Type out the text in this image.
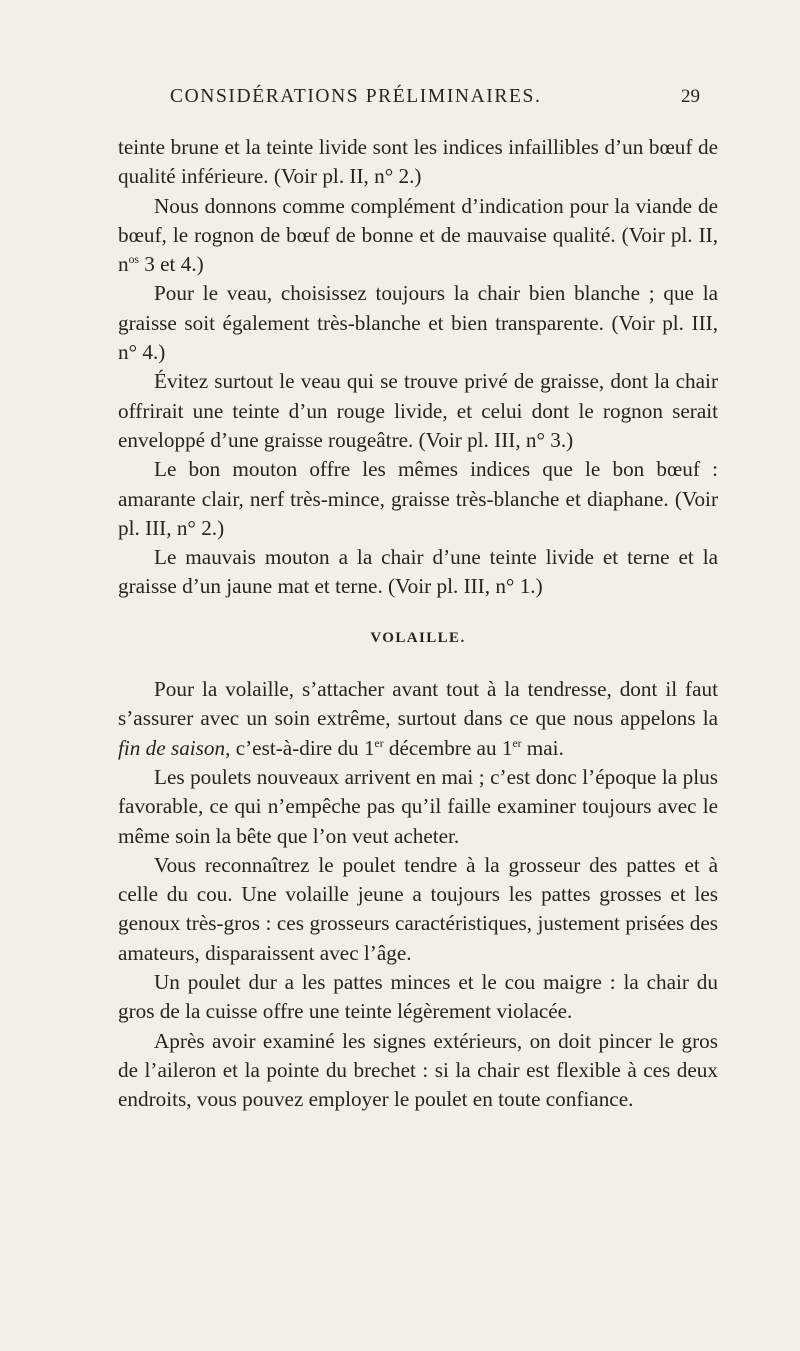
CONSIDÉRATIONS PRÉLIMINAIRES.	29

teinte brune et la teinte livide sont les indices infaillibles d’un bœuf de qualité inférieure. (Voir pl. II, n° 2.)

Nous donnons comme complément d’indication pour la viande de bœuf, le rognon de bœuf de bonne et de mauvaise qualité. (Voir pl. II, $n^{os}$ 3 et 4.)

Pour le veau, choisissez toujours la chair bien blanche ; que la graisse soit également très-blanche et bien transparente. (Voir pl. III, n° 4.)

Évitez surtout le veau qui se trouve privé de graisse, dont la chair offrirait une teinte d’un rouge livide, et celui dont le rognon serait enveloppé d’une graisse rougeâtre. (Voir pl. III, n° 3.)

Le bon mouton offre les mêmes indices que le bon bœuf : amarante clair, nerf très-mince, graisse très-blanche et diaphane. (Voir pl. III, n° 2.)

Le mauvais mouton a la chair d’une teinte livide et terne et la graisse d’un jaune mat et terne. (Voir pl. III, n° 1.)

VOLAILLE.

Pour la volaille, s’attacher avant tout à la tendresse, dont il faut s’assurer avec un soin extrême, surtout dans ce que nous appelons la fin de saison, c’est-à-dire du 1er décembre au 1er mai.

Les poulets nouveaux arrivent en mai ; c’est donc l’époque la plus favorable, ce qui n’empêche pas qu’il faille examiner toujours avec le même soin la bête que l’on veut acheter.

Vous reconnaîtrez le poulet tendre à la grosseur des pattes et à celle du cou. Une volaille jeune a toujours les pattes grosses et les genoux très-gros : ces grosseurs caractéristiques, justement prisées des amateurs, disparaissent avec l’âge.

Un poulet dur a les pattes minces et le cou maigre : la chair du gros de la cuisse offre une teinte légèrement violacée.

Après avoir examiné les signes extérieurs, on doit pincer le gros de l’aileron et la pointe du brechet : si la chair est flexible à ces deux endroits, vous pouvez employer le poulet en toute confiance.
